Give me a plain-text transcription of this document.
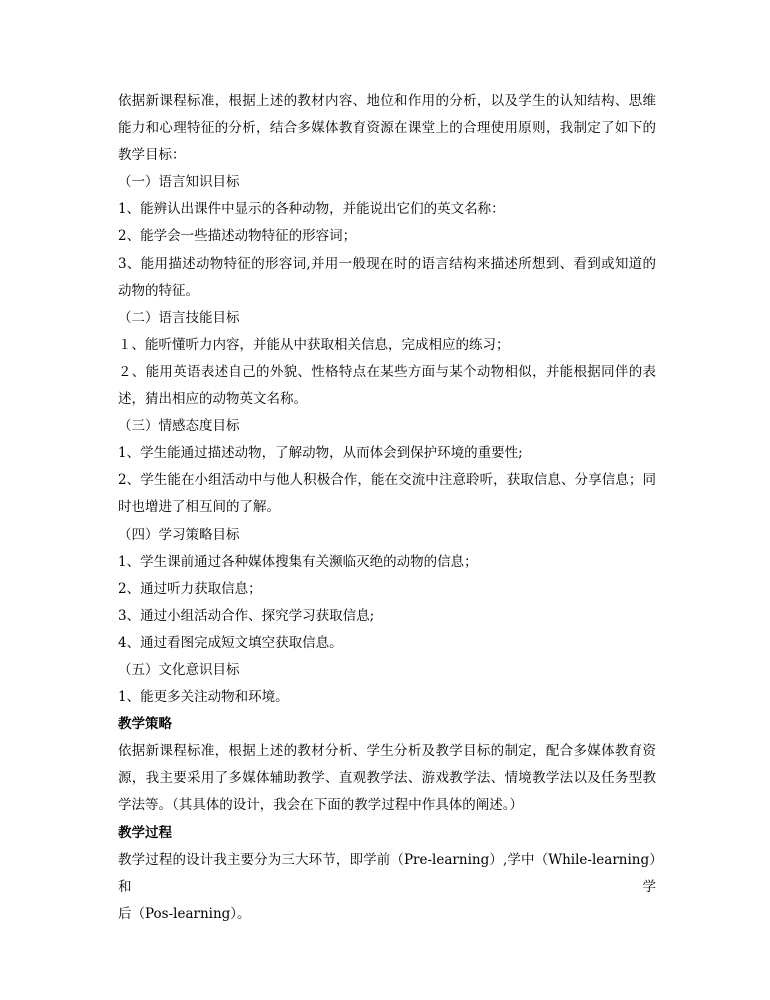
依据新课程标准，根据上述的教材内容、地位和作用的分析，以及学生的认知结构、思维
能力和心理特征的分析，结合多媒体教育资源在课堂上的合理使用原则，我制定了如下的
教学目标：
（一）语言知识目标
1、能辨认出课件中显示的各种动物，并能说出它们的英文名称：
2、能学会一些描述动物特征的形容词；
3、能用描述动物特征的形容词,并用一般现在时的语言结构来描述所想到、看到或知道的
动物的特征。
（二）语言技能目标
１、能听懂听力内容，并能从中获取相关信息，完成相应的练习；
２、能用英语表述自己的外貌、性格特点在某些方面与某个动物相似，并能根据同伴的表
述，猜出相应的动物英文名称。
（三）情感态度目标
1、学生能通过描述动物，了解动物，从而体会到保护环境的重要性;
2、学生能在小组活动中与他人积极合作，能在交流中注意聆听，获取信息、分享信息；同
时也增进了相互间的了解。
（四）学习策略目标
1、学生课前通过各种媒体搜集有关濒临灭绝的动物的信息；
2、通过听力获取信息；
3、通过小组活动合作、探究学习获取信息;
4、通过看图完成短文填空获取信息。
（五）文化意识目标
1、能更多关注动物和环境。
教学策略
依据新课程标准，根据上述的教材分析、学生分析及教学目标的制定，配合多媒体教育资
源，我主要采用了多媒体辅助教学、直观教学法、游戏教学法、情境教学法以及任务型教
学法等。（其具体的设计，我会在下面的教学过程中作具体的阐述。）
教学过程
教学过程的设计我主要分为三大环节，即学前（Pre-learning）,学中（While-learning）和学
后（Pos-learning）。
